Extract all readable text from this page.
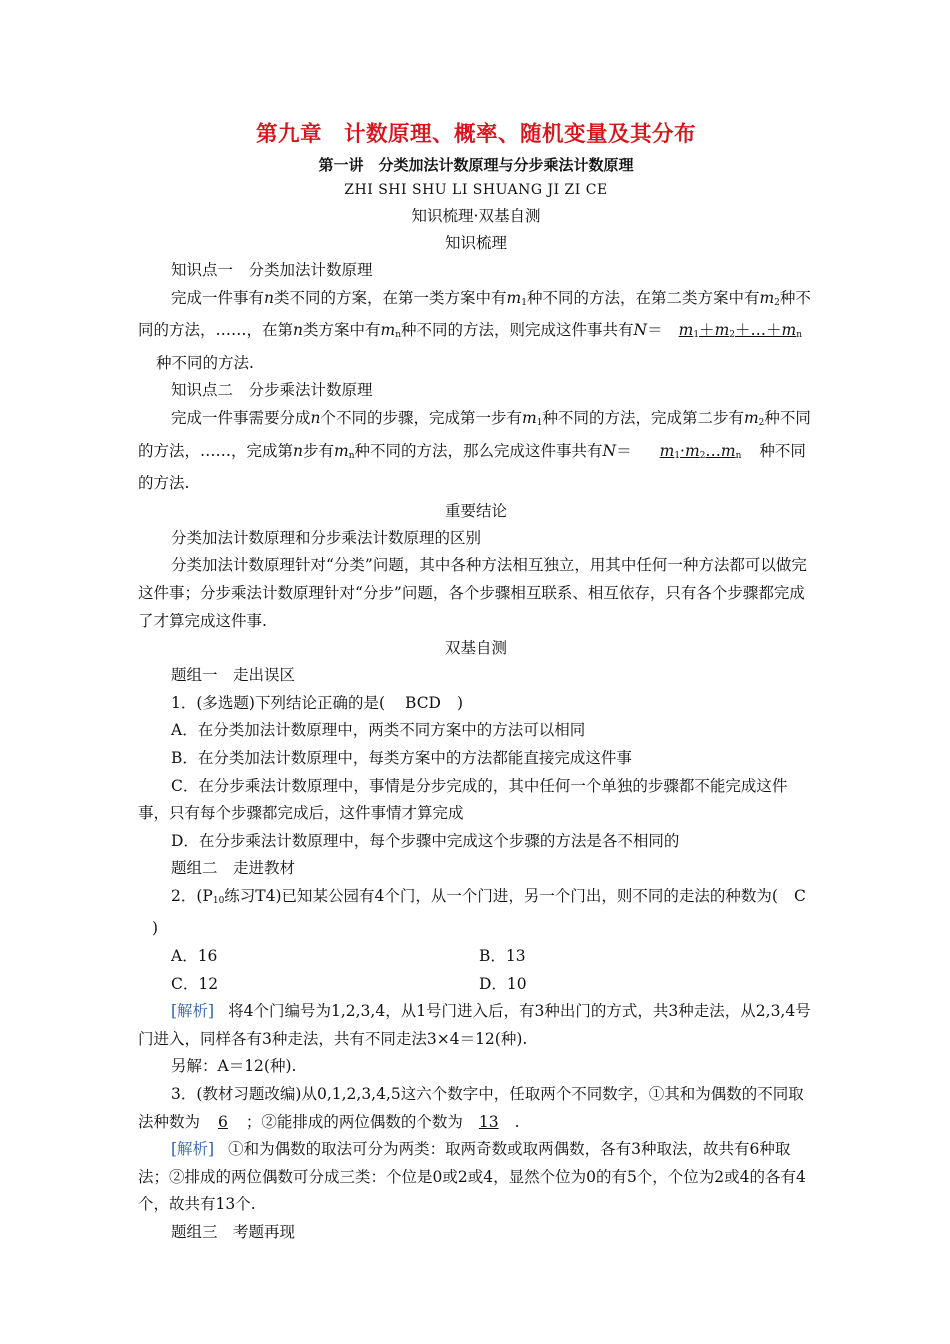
第九章　计数原理、概率、随机变量及其分布
第一讲　分类加法计数原理与分步乘法计数原理
ZHI SHI SHU LI SHUANG JI ZI CE
知识梳理·双基自测
知识梳理
知识点一　分类加法计数原理

完成一件事有n类不同的方案，在第一类方案中有$m_1$种不同的方法，在第二类方案中有$m_2$种不同的方法，……，在第n类方案中有$m_n$种不同的方法，则完成这件事共有$N= m_1+m_2+\dots+m_n$种不同的方法.

知识点二　分步乘法计数原理

完成一件事需要分成n个不同的步骤，完成第一步有$m_1$种不同的方法，完成第二步有$m_2$种不同的方法，……，完成第n步有$m_n$种不同的方法，那么完成这件事共有$N= m_1\cdot m_2\dots m_n$ 种不同的方法.

重要结论
分类加法计数原理和分步乘法计数原理的区别

分类加法计数原理针对“分类”问题，其中各种方法相互独立，用其中任何一种方法都可以做完这件事；分步乘法计数原理针对“分步”问题，各个步骤相互联系、相互依存，只有各个步骤都完成了才算完成这件事.

双基自测
题组一　走出误区
1．(多选题)下列结论正确的是( BCD )
A．在分类加法计数原理中，两类不同方案中的方法可以相同
B．在分类加法计数原理中，每类方案中的方法都能直接完成这件事

C．在分步乘法计数原理中，事情是分步完成的，其中任何一个单独的步骤都不能完成这件事，只有每个步骤都完成后，这件事情才算完成

D．在分步乘法计数原理中，每个步骤中完成这个步骤的方法是各不相同的
题组二　走进教材

2．($P_{10}$练习T4)已知某公园有4个门，从一个门进，另一个门出，则不同的走法的种数为( C)

A．16	B．13
C．12	D．10

[解析] 将4个门编号为1,2,3,4，从1号门进入后，有3种出门的方式，共3种走法，从2,3,4号门进入，同样各有3种走法，共有不同走法3×4＝12(种).

另解：A＝12(种).

3．(教材习题改编)从0,1,2,3,4,5这六个数字中，任取两个不同数字，①其和为偶数的不同取法种数为 6 ；②能排成的两位偶数的个数为 13 .

[解析] ①和为偶数的取法可分为两类：取两奇数或取两偶数，各有3种取法，故共有6种取法；②排成的两位偶数可分成三类：个位是0或2或4，显然个位为0的有5个，个位为2或4的各有4个，故共有13个.

题组三　考题再现
